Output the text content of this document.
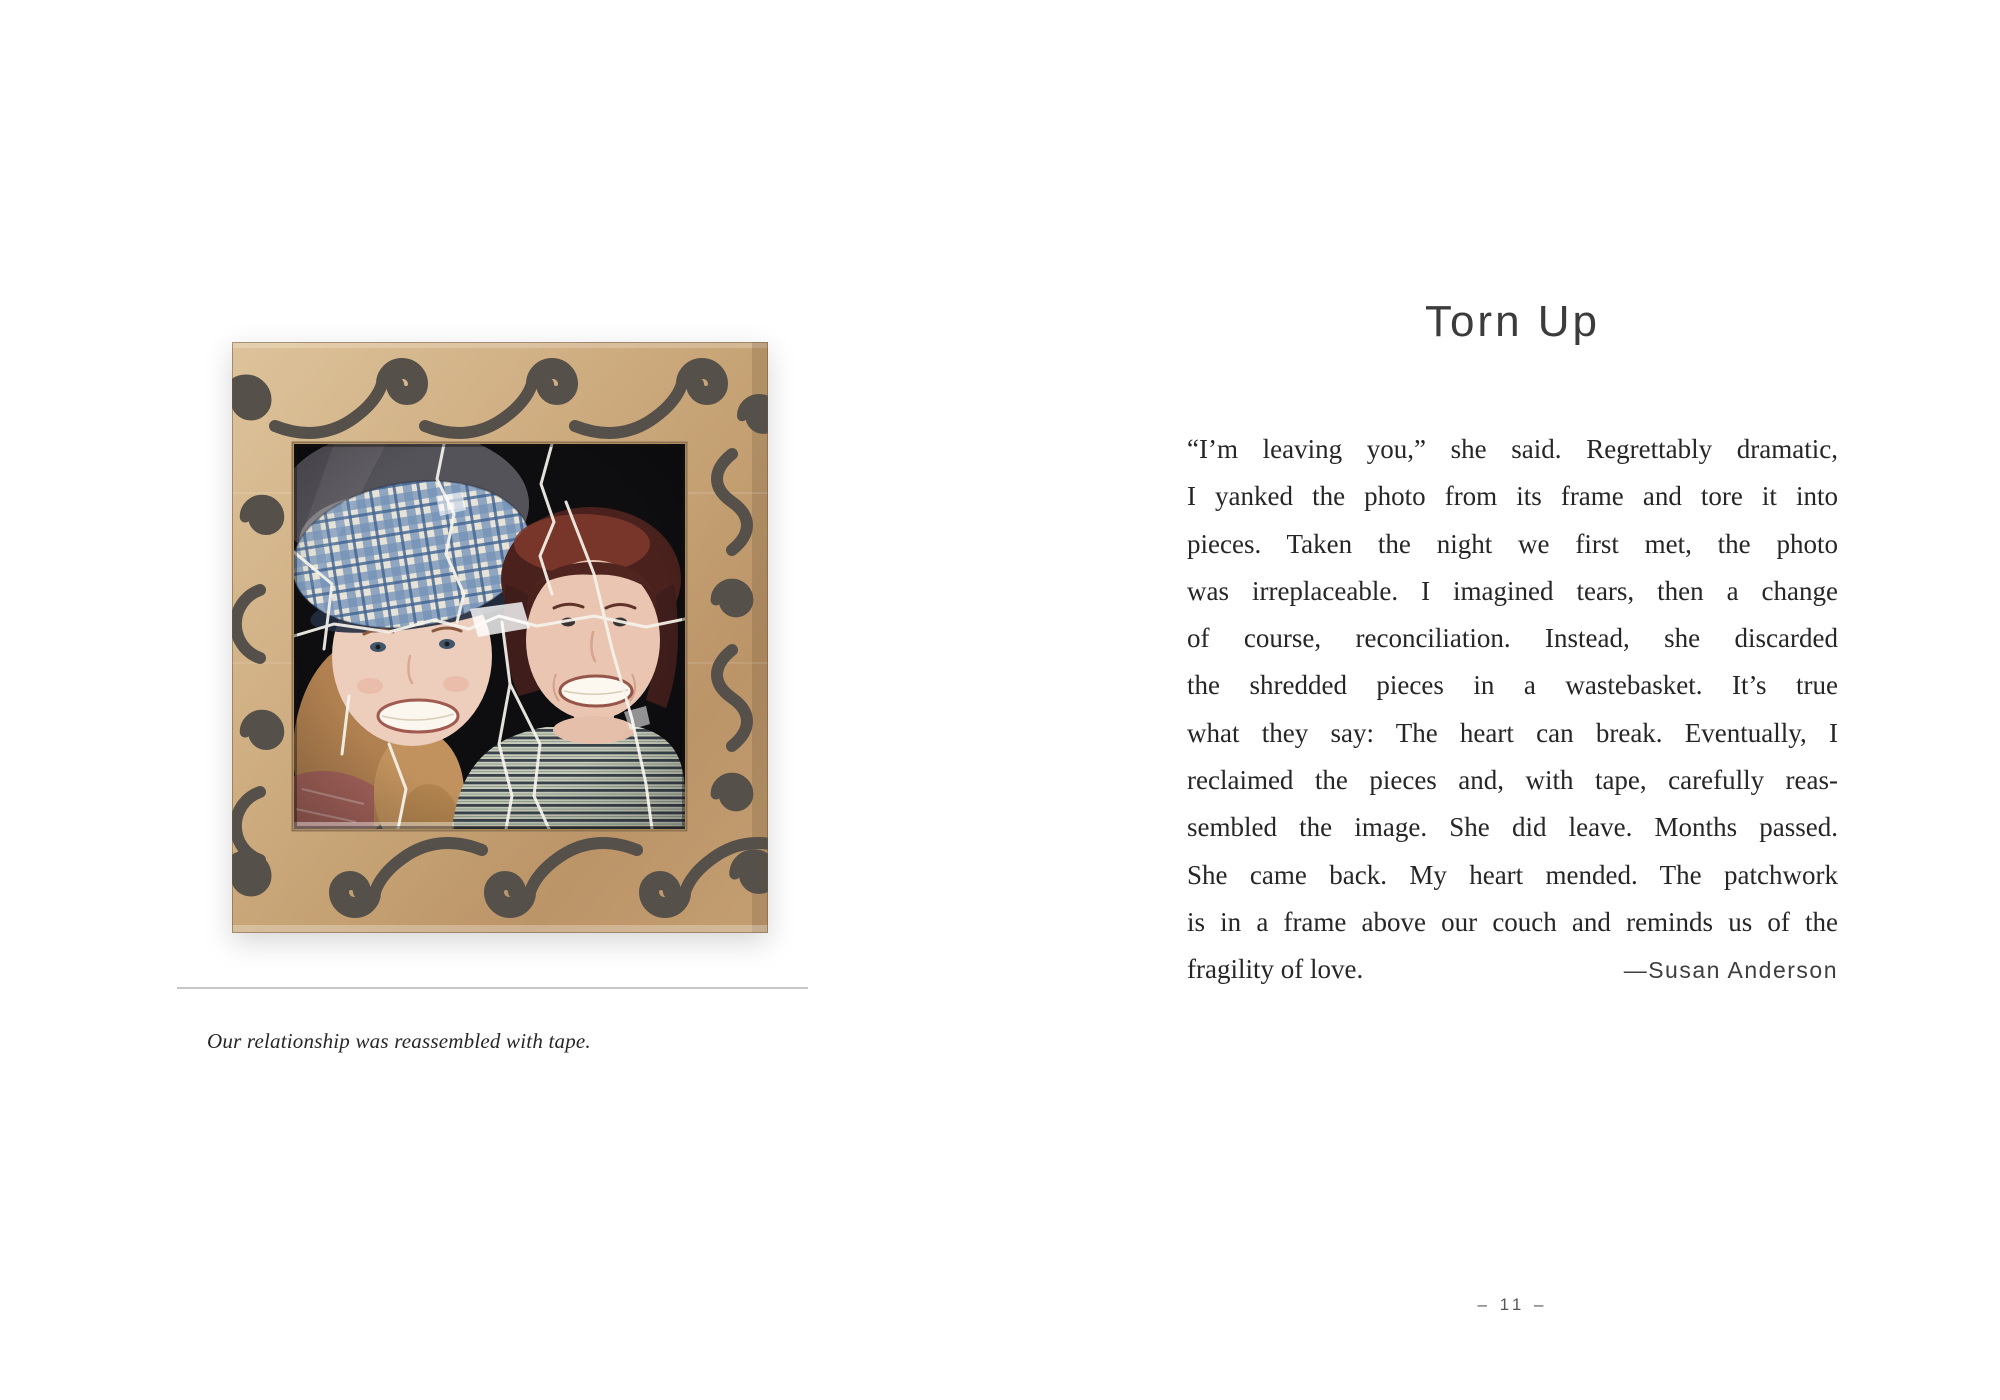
Our relationship was reassembled with tape.
Torn Up
“I’m leaving you,” she said. Regrettably dramatic,
I yanked the photo from its frame and tore it into
pieces. Taken the night we first met, the photo
was irreplaceable. I imagined tears, then a change
of course, reconciliation. Instead, she discarded
the shredded pieces in a wastebasket. It’s true
what they say: The heart can break. Eventually, I
reclaimed the pieces and, with tape, carefully reas-
sembled the image. She did leave. Months passed.
She came back. My heart mended. The patchwork
is in a frame above our couch and reminds us of the
fragility of love.	—Susan Anderson
– 11 –
